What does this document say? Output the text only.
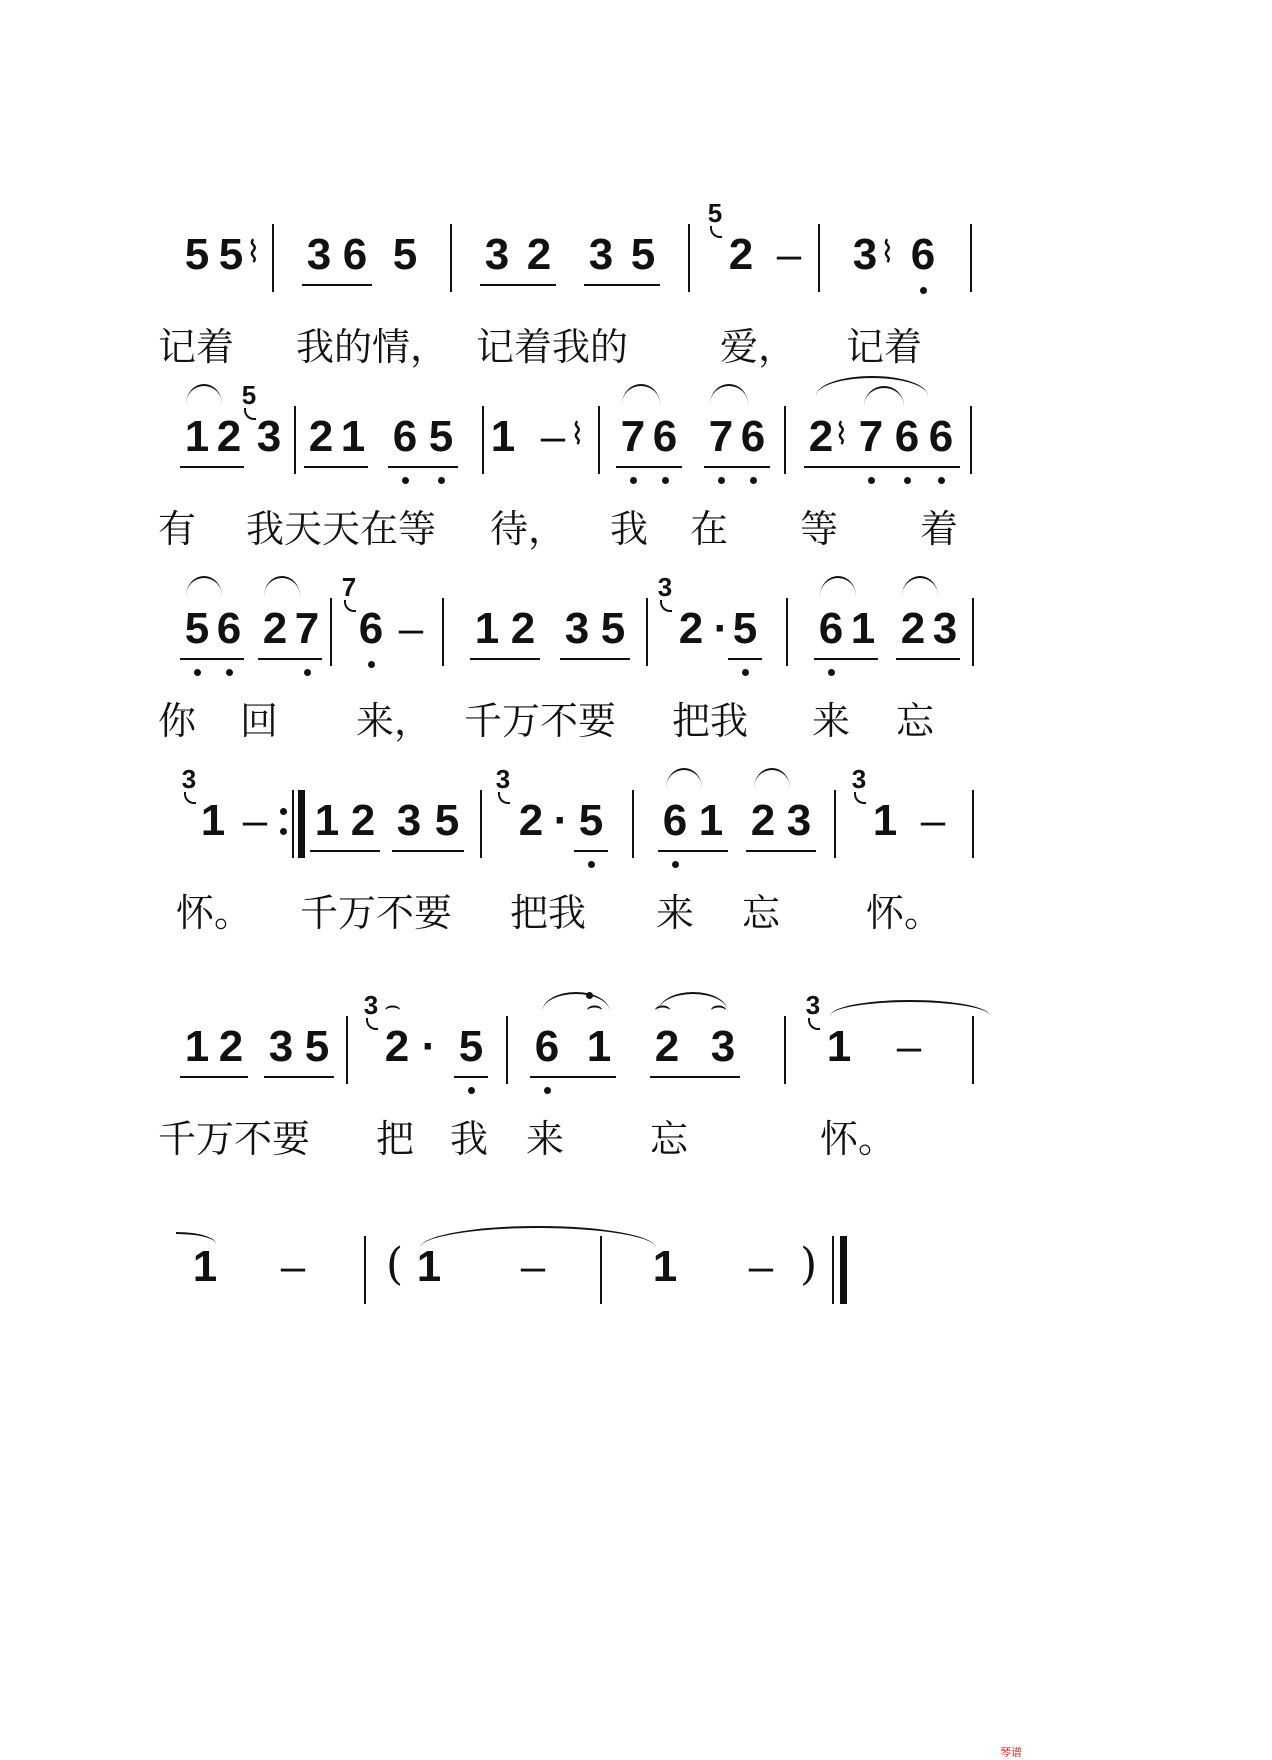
5 5 ⌇ 3 6 5 3 2 3 5
5
2 – 3 ⌇ 6
记着 我的情， 记着我的 爱， 记着
1 2
5
3 2 1 6 5 1 – ⌇ 7 6 7 6 2 ⌇ 7 6 6
有 我天天在等 待， 我 在 等 着
5 6 2 7
7
6 – 1 2 3 5
3
2 · 5 6 1 2 3
你 回 来， 千万不要 把我 来 忘
3
1 – 1 2 3 5
3
2 · 5 6 1 2 3
3
1 –
怀。 千万不要 把我 来 忘 怀。
1 2 3 5
3
⌢ 2 · 5 6 ⌢ 1 ⌢ 2 ⌢ 3
3
1 –
千万不要 把 我 来 忘	怀。
1 – ( 1 – 1 – )
琴谱
